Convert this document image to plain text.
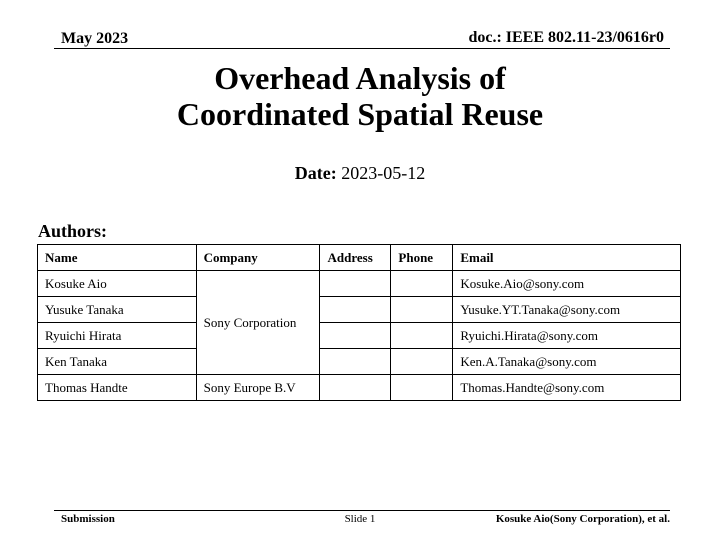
May 2023	doc.: IEEE 802.11-23/0616r0
Overhead Analysis of
Coordinated Spatial Reuse
Date: 2023-05-12
Authors:
Name	Company	Address	Phone	Email
Kosuke Aio	Sony Corporation			Kosuke.Aio@sony.com
Yusuke Tanaka				Yusuke.YT.Tanaka@sony.com
Ryuichi Hirata				Ryuichi.Hirata@sony.com
Ken Tanaka				Ken.A.Tanaka@sony.com
Thomas Handte	Sony Europe B.V			Thomas.Handte@sony.com
Submission	Slide 1	Kosuke Aio(Sony Corporation), et al.
